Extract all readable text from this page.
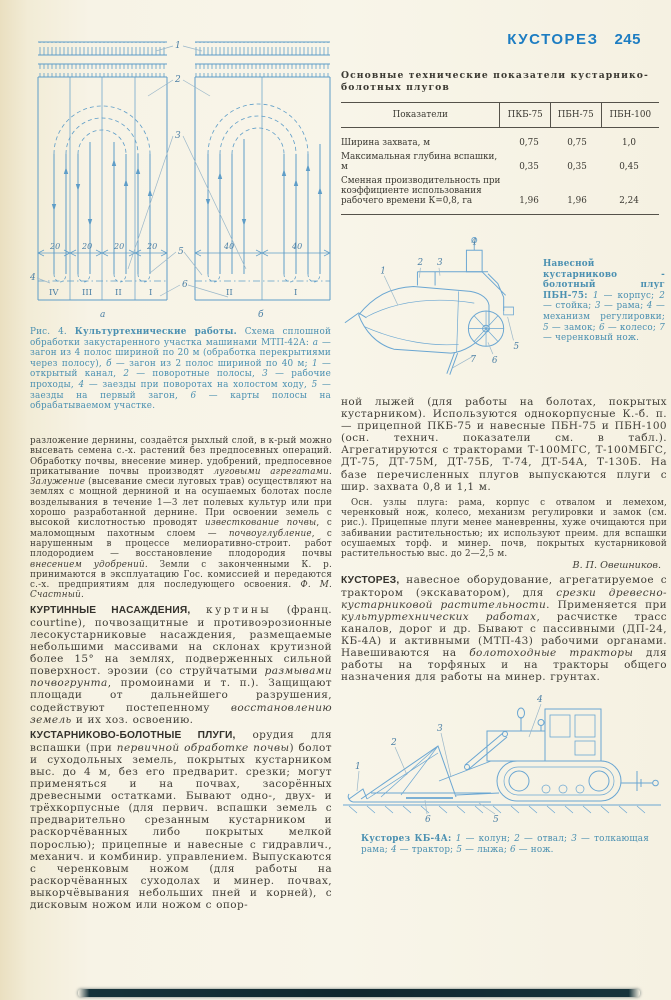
КУСТОРЕЗ 245
1
2
3
4
5
6
20	20	20	20	40	40
IV	III	II	I	II	I
а	б
Рис. 4. Культуртехнические работы. Схема сплошной обработки закустаренного участка машинами МТП-42А: а — загон из 4 полос шириной по 20 м (обработка перекрытиями через полосу), б — загон из 2 полос шириной по 40 м; 1 — открытый канал, 2 — поворотные полосы, 3 — рабочие проходы, 4 — заезды при поворотах на холостом ходу, 5 — заезды на первый загон, 6 — карты полосы на обрабатываемом участке.

разложение дернины, создаётся рыхлый слой, в к-рый можно высевать семена с.-х. растений без предпосевных операций. Обработку почвы, внесение минер. удобрений, предпосевное прикатывание почвы производят луговыми агрегатами. Залужение (высевание смеси луговых трав) осуществляют на землях с мощной дерниной и на осушаемых болотах после возделывания в течение 1—3 лет полевых культур или при хорошо разработанной дернине. При освоении земель с высокой кислотностью проводят известкование почвы, с маломощным пахотным слоем — почвоуглубление, с нарушенным в процессе мелиоративно-строит. работ плодородием — восстановление плодородия почвы внесением удобрений. Земли с законченными К. р. принимаются в эксплуатацию Гос. комиссией и передаются с.-х. предприятиям для последующего освоения. Ф. М. Счастный.

КУРТИННЫЕ НАСАЖДЕНИЯ, куртины (франц. courtine), почвозащитные и противоэрозионные лесокустарниковые насаждения, размещаемые небольшими массивами на склонах крутизной более 15° на землях, подверженных сильной поверхност. эрозии (со струйчатыми размывами почвогрунта, промоинами и т. п.). Защищают площади от дальнейшего разрушения, содействуют постепенному восстановлению земель и их хоз. освоению.

КУСТАРНИКОВО-БОЛОТНЫЕ ПЛУГИ, орудия для вспашки (при первичной обработке почвы) болот и суходольных земель, покрытых кустарником выс. до 4 м, без его предварит. срезки; могут применяться и на почвах, засорённых древесными остатками. Бывают одно-, двух- и трёхкорпусные (для первич. вспашки земель с предварительно срезанным кустарником и раскорчёванных либо покрытых мелкой порослью); прицепные и навесные с гидравлич., механич. и комбинир. управлением. Выпускаются с черенковым ножом (для работы на раскорчёванных суходолах и минер. почвах, выкорчёвывания небольших пней и корней), с дисковым ножом или ножом с опор-

Основные технические показатели кустарнико-болотных плугов
Показатели	ПКБ-75	ПБН-75	ПБН-100
Ширина захвата, м	0,75	0,75	1,0
Максимальная глубина вспашки, м	0,35	0,35	0,45
Сменная производительность при коэффициенте использования рабочего времени К=0,8, га	1,96	1,96	2,24
1
2 3
4
5
6
7
Навесной кустарниково - болотный плуг ПБН-75: 1 — корпус; 2 — стойка; 3 — рама; 4 — механизм регулировки; 5 — замок; 6 — колесо; 7 — черенковый нож.

ной лыжей (для работы на болотах, покрытых кустарником). Используются однокорпусные К.-б. п.— прицепной ПКБ-75 и навесные ПБН-75 и ПБН-100 (осн. технич. показатели см. в табл.). Агрегатируются с тракторами Т-100МГС, Т-100МБГС, ДТ-75, ДТ-75М, ДТ-75Б, Т-74, ДТ-54А, Т-130Б. На базе перечисленных плугов выпускаются плуги с шир. захвата 0,8 и 1,1 м.

Осн. узлы плуга: рама, корпус с отвалом и лемехом, черенковый нож, колесо, механизм регулировки и замок (см. рис.). Прицепные плуги менее маневренны, хуже очищаются при забивании растительностью; их используют преим. для вспашки осушаемых торф. и минер. почв, покрытых кустарниковой растительностью выс. до 2—2,5 м.

В. П. Овешников.

КУСТОРЕЗ, навесное оборудование, агрегатируемое с трактором (экскаватором), для срезки древесно-кустарниковой растительности. Применяется при культуртехнических работах, расчистке трасс каналов, дорог и др. Бывают с пассивными (ДП-24, КБ-4А) и активными (МТП-43) рабочими органами. Навешиваются на болотоходные тракторы для работы на торфяных и на тракторы общего назначения для работы на минер. грунтах.

1
2
3
4
5
6
Кусторез КБ-4А: 1 — колун; 2 — отвал; 3 — толкающая рама; 4 — трактор; 5 — лыжа; 6 — нож.
